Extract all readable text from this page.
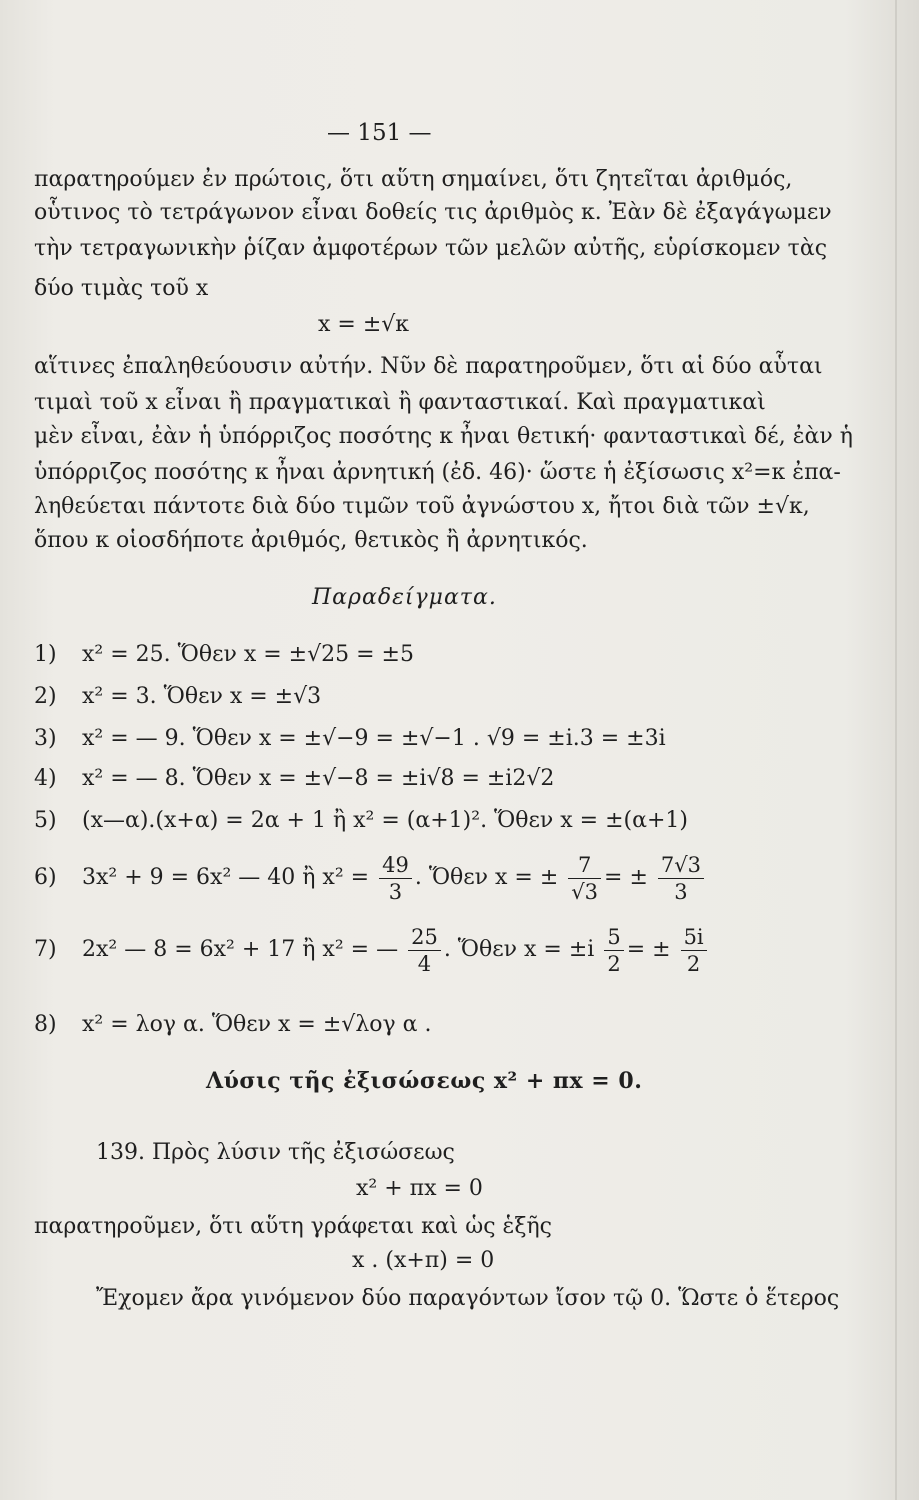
— 151 —
παρατηρούμεν ἐν πρώτοις, ὅτι αὕτη σημαίνει, ὅτι ζητεῖται ἀριθμός,
οὗτινος τὸ τετράγωνον εἶναι δοθείς τις ἀριθμὸς κ. Ἐὰν δὲ ἐξαγάγωμεν
τὴν τετραγωνικὴν ῥίζαν ἀμφοτέρων τῶν μελῶν αὐτῆς, εὑρίσκομεν τὰς
δύο τιμὰς τοῦ x
x = ±√κ
αἵτινες ἐπαληθεύουσιν αὐτήν. Νῦν δὲ παρατηροῦμεν, ὅτι αἱ δύο αὗται
τιμαὶ τοῦ x εἶναι ἢ πραγματικαὶ ἢ φανταστικαί. Καὶ πραγματικαὶ
μὲν εἶναι, ἐὰν ἡ ὑπόρριζος ποσότης κ ἦναι θετική· φανταστικαὶ δέ, ἐὰν ἡ
ὑπόρριζος ποσότης κ ἦναι ἀρνητική (ἐδ. 46)· ὥστε ἡ ἐξίσωσις x²=κ ἐπα-
ληθεύεται πάντοτε διὰ δύο τιμῶν τοῦ ἀγνώστου x, ἤτοι διὰ τῶν ±√κ,
ὅπου κ οἱοσδήποτε ἀριθμός, θετικὸς ἢ ἀρνητικός.
Παραδείγματα.
1) x² = 25. Ὅθεν x = ±√25 = ±5
2) x² = 3. Ὅθεν x = ±√3
3) x² = — 9. Ὅθεν x = ±√−9 = ±√−1 . √9 = ±i.3 = ±3i
4) x² = — 8. Ὅθεν x = ±√−8 = ±i√8 = ±i2√2
5) (x—α).(x+α) = 2α + 1 ἢ x² = (α+1)². Ὅθεν x = ±(α+1)
6) 3x² + 9 = 6x² — 40 ἢ $x^2 = \frac{49}{3}$ . Ὅθεν x = ± $\frac{7}{√3}$ = ± $\frac{7√3}{3}$
7) 2x² — 8 = 6x² + 17 ἢ x² = — $\frac{25}{4}$ . Ὅθεν $x = \pm i \frac{5}{2}$ = ± $\frac{5i}{2}$
8) x² = λογ α. Ὅθεν x = ±√λογ α .
Λύσις τῆς ἐξισώσεως x² + πx = 0.
139. Πρὸς λύσιν τῆς ἐξισώσεως
x² + πx = 0
παρατηροῦμεν, ὅτι αὕτη γράφεται καὶ ὡς ἑξῆς
x . (x+π) = 0
Ἔχομεν ἄρα γινόμενον δύο παραγόντων ἴσον τῷ 0. Ὥστε ὁ ἕτερος
